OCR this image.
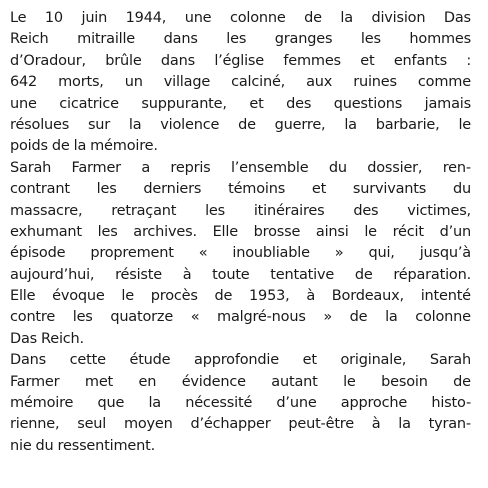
Le 10 juin 1944, une colonne de la division Das
Reich mitraille dans les granges les hommes
d’Oradour, brûle dans l’église femmes et enfants :
642 morts, un village calciné, aux ruines comme
une cicatrice suppurante, et des questions jamais
résolues sur la violence de guerre, la barbarie, le
poids de la mémoire.
Sarah Farmer a repris l’ensemble du dossier, ren-
contrant les derniers témoins et survivants du
massacre, retraçant les itinéraires des victimes,
exhumant les archives. Elle brosse ainsi le récit d’un
épisode proprement « inoubliable » qui, jusqu’à
aujourd’hui, résiste à toute tentative de réparation.
Elle évoque le procès de 1953, à Bordeaux, intenté
contre les quatorze « malgré-nous » de la colonne
Das Reich.
Dans cette étude approfondie et originale, Sarah
Farmer met en évidence autant le besoin de
mémoire que la nécessité d’une approche histo-
rienne, seul moyen d’échapper peut-être à la tyran-
nie du ressentiment.
